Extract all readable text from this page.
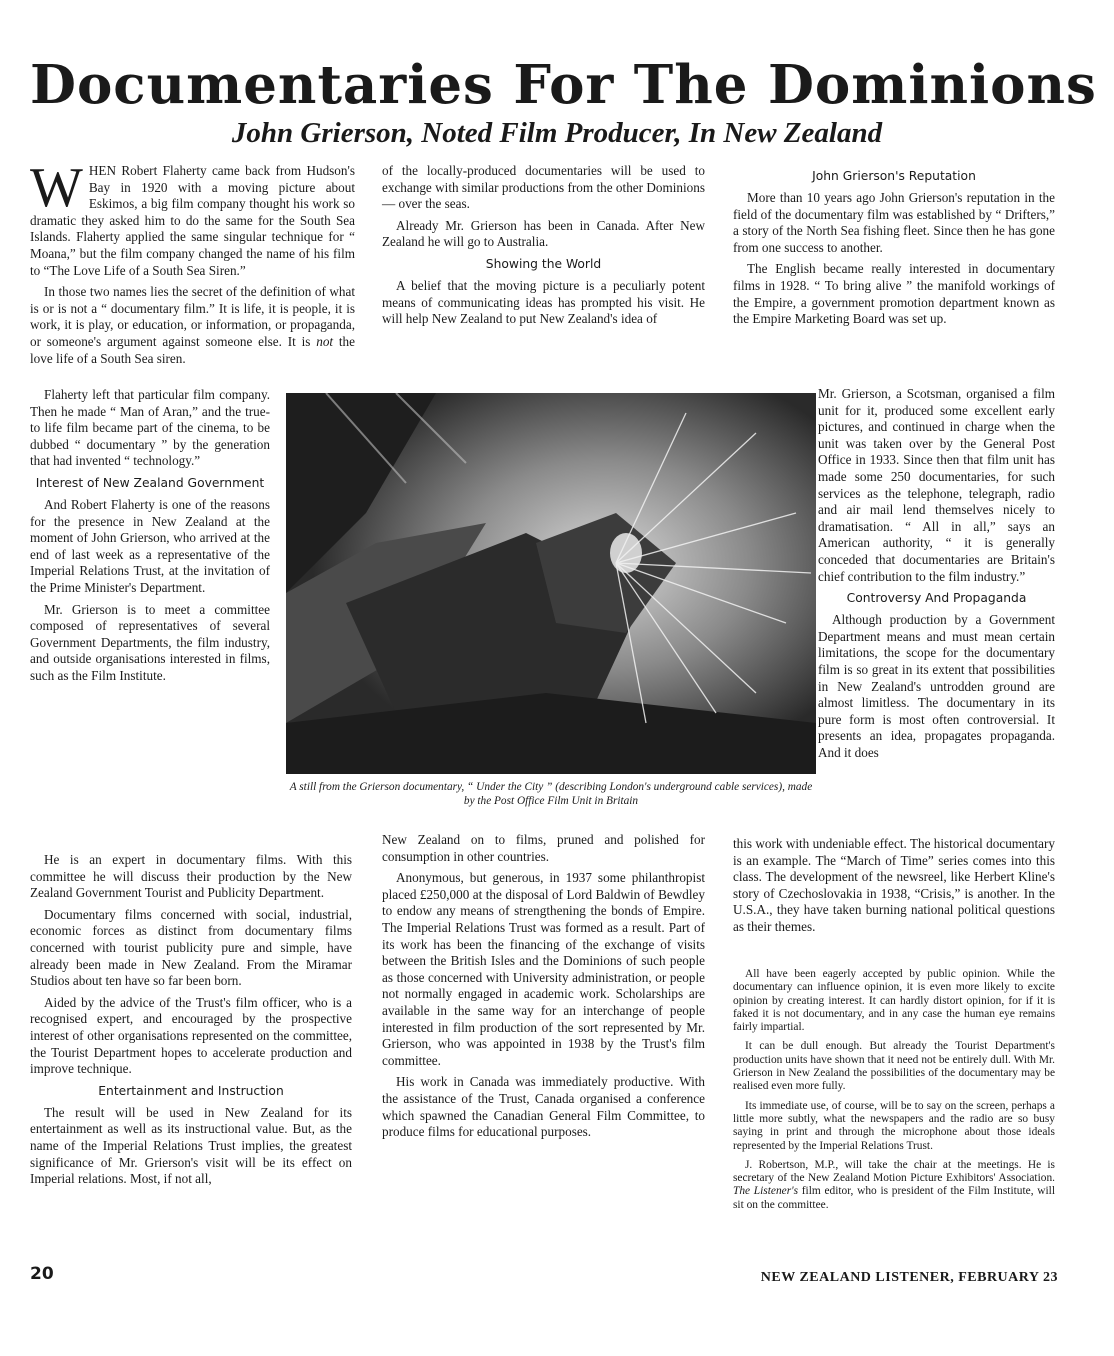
Documentaries For The Dominions
John Grierson, Noted Film Producer, In New Zealand

WHEN Robert Flaherty came back from Hudson's Bay in 1920 with a moving picture about Eskimos, a big film company thought his work so dramatic they asked him to do the same for the South Sea Islands. Flaherty applied the same singular technique for “ Moana,” but the film company changed the name of his film to “The Love Life of a South Sea Siren.”

In those two names lies the secret of the definition of what is or is not a “ documentary film.” It is life, it is people, it is work, it is play, or education, or information, or propaganda, or someone's argument against someone else. It is not the love life of a South Sea siren.

Flaherty left that particular film company. Then he made “ Man of Aran,” and the true-to life film became part of the cinema, to be dubbed “ documentary ” by the generation that had invented “ technology.”

Interest of New Zealand Government

And Robert Flaherty is one of the reasons for the presence in New Zealand at the moment of John Grierson, who arrived at the end of last week as a representative of the Imperial Relations Trust, at the invitation of the Prime Minister's Department.

Mr. Grierson is to meet a committee composed of representatives of several Government Departments, the film industry, and outside organisations interested in films, such as the Film Institute.

He is an expert in documentary films. With this committee he will discuss their production by the New Zealand Government Tourist and Publicity Department.

Documentary films concerned with social, industrial, economic forces as distinct from documentary films concerned with tourist publicity pure and simple, have already been made in New Zealand. From the Miramar Studios about ten have so far been born.

Aided by the advice of the Trust's film officer, who is a recognised expert, and encouraged by the prospective interest of other organisations represented on the committee, the Tourist Department hopes to accelerate production and improve technique.

Entertainment and Instruction

The result will be used in New Zealand for its entertainment as well as its instructional value. But, as the name of the Imperial Relations Trust implies, the greatest significance of Mr. Grierson's visit will be its effect on Imperial relations. Most, if not all,

of the locally-produced documentaries will be used to exchange with similar productions from the other Dominions — over the seas.

Already Mr. Grierson has been in Canada. After New Zealand he will go to Australia.

Showing the World

A belief that the moving picture is a peculiarly potent means of communicating ideas has prompted his visit. He will help New Zealand to put New Zealand's idea of

A still from the Grierson documentary, “ Under the City ” (describing London's underground cable services), made by the Post Office Film Unit in Britain

New Zealand on to films, pruned and polished for consumption in other countries.

Anonymous, but generous, in 1937 some philanthropist placed £250,000 at the disposal of Lord Baldwin of Bewdley to endow any means of strengthening the bonds of Empire. The Imperial Relations Trust was formed as a result. Part of its work has been the financing of the exchange of visits between the British Isles and the Dominions of such people as those concerned with University administration, or people not normally engaged in academic work. Scholarships are available in the same way for an interchange of people interested in film production of the sort represented by Mr. Grierson, who was appointed in 1938 by the Trust's film committee.

His work in Canada was immediately productive. With the assistance of the Trust, Canada organised a conference which spawned the Canadian General Film Committee, to produce films for educational purposes.

John Grierson's Reputation

More than 10 years ago John Grierson's reputation in the field of the documentary film was established by “ Drifters,” a story of the North Sea fishing fleet. Since then he has gone from one success to another.

The English became really interested in documentary films in 1928. “ To bring alive ” the manifold workings of the Empire, a government promotion department known as the Empire Marketing Board was set up.

Mr. Grierson, a Scotsman, organised a film unit for it, produced some excellent early pictures, and continued in charge when the unit was taken over by the General Post Office in 1933. Since then that film unit has made some 250 documentaries, for such services as the telephone, telegraph, radio and air mail lend themselves nicely to dramatisation. “ All in all,” says an American authority, “ it is generally conceded that documentaries are Britain's chief contribution to the film industry.”

Controversy And Propaganda

Although production by a Government Department means and must mean certain limitations, the scope for the documentary film is so great in its extent that possibilities in New Zealand's untrodden ground are almost limitless. The documentary in its pure form is most often controversial. It presents an idea, propagates propaganda. And it does

this work with undeniable effect. The historical documentary is an example. The “March of Time” series comes into this class. The development of the newsreel, like Herbert Kline's story of Czechoslovakia in 1938, “Crisis,” is another. In the U.S.A., they have taken burning national political questions as their themes.

All have been eagerly accepted by public opinion. While the documentary can influence opinion, it is even more likely to excite opinion by creating interest. It can hardly distort opinion, for if it is faked it is not documentary, and in any case the human eye remains fairly impartial.

It can be dull enough. But already the Tourist Department's production units have shown that it need not be entirely dull. With Mr. Grierson in New Zealand the possibilities of the documentary may be realised even more fully.

Its immediate use, of course, will be to say on the screen, perhaps a little more subtly, what the newspapers and the radio are so busy saying in print and through the microphone about those ideals represented by the Imperial Relations Trust.

J. Robertson, M.P., will take the chair at the meetings. He is secretary of the New Zealand Motion Picture Exhibitors' Association. The Listener's film editor, who is president of the Film Institute, will sit on the committee.

20	NEW ZEALAND LISTENER, FEBRUARY 23
